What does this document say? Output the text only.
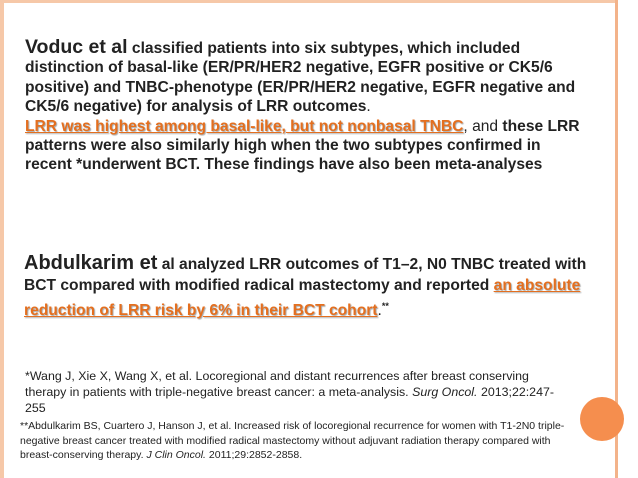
Voduc et al classified patients into six subtypes, which included distinction of basal-like (ER/PR/HER2 negative, EGFR positive or CK5/6 positive) and TNBC-phenotype (ER/PR/HER2 negative, EGFR negative and CK5/6 negative) for analysis of LRR outcomes.
LRR was highest among basal-like, but not nonbasal TNBC, and these LRR patterns were also similarly high when the two subtypes confirmed in recent *underwent BCT. These findings have also been meta-analyses
Abdulkarim et al analyzed LRR outcomes of T1–2, N0 TNBC treated with BCT compared with modified radical mastectomy and reported an absolute reduction of LRR risk by 6% in their BCT cohort.**
*Wang J, Xie X, Wang X, et al. Locoregional and distant recurrences after breast conserving therapy in patients with triple-negative breast cancer: a meta-analysis. Surg Oncol. 2013;22:247-255
**Abdulkarim BS, Cuartero J, Hanson J, et al. Increased risk of locoregional recurrence for women with T1-2N0 triple-negative breast cancer treated with modified radical mastectomy without adjuvant radiation therapy compared with breast-conserving therapy. J Clin Oncol. 2011;29:2852-2858.
